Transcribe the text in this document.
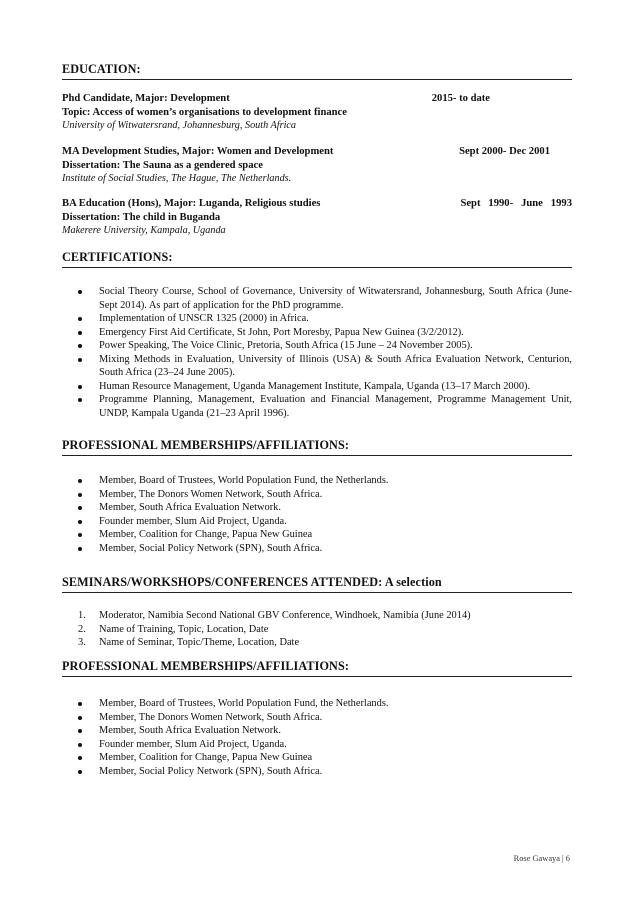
EDUCATION:
Phd Candidate, Major: Development	2015- to date
Topic: Access of women’s organisations to development finance
University of Witwatersrand, Johannesburg, South Africa
MA Development Studies, Major: Women and Development	Sept 2000- Dec 2001
Dissertation: The Sauna as a gendered space
Institute of Social Studies, The Hague, The Netherlands.
BA Education (Hons), Major: Luganda, Religious studies	Sept   1990-   June   1993
Dissertation: The child in Buganda
Makerere University, Kampala, Uganda
CERTIFICATIONS:
Social Theory Course, School of Governance, University of Witwatersrand, Johannesburg, South Africa (June-Sept 2014). As part of application for the PhD programme.
Implementation of UNSCR 1325 (2000) in Africa.
Emergency First Aid Certificate, St John, Port Moresby, Papua New Guinea (3/2/2012).
Power Speaking, The Voice Clinic, Pretoria, South Africa (15 June – 24 November 2005).
Mixing Methods in Evaluation, University of Illinois (USA) & South Africa Evaluation Network, Centurion, South Africa (23–24 June 2005).
Human Resource Management, Uganda Management Institute, Kampala, Uganda (13–17 March 2000).
Programme Planning, Management, Evaluation and Financial Management, Programme Management Unit, UNDP, Kampala Uganda (21–23 April 1996).
PROFESSIONAL MEMBERSHIPS/AFFILIATIONS:
Member, Board of Trustees, World Population Fund, the Netherlands.
Member, The Donors Women Network, South Africa.
Member, South Africa Evaluation Network.
Founder member, Slum Aid Project, Uganda.
Member, Coalition for Change, Papua New Guinea
Member, Social Policy Network (SPN), South Africa.
SEMINARS/WORKSHOPS/CONFERENCES ATTENDED: A selection
1. Moderator, Namibia Second National GBV Conference, Windhoek, Namibia (June 2014)
2. Name of Training, Topic, Location, Date
3. Name of Seminar, Topic/Theme, Location, Date
PROFESSIONAL MEMBERSHIPS/AFFILIATIONS:
Member, Board of Trustees, World Population Fund, the Netherlands.
Member, The Donors Women Network, South Africa.
Member, South Africa Evaluation Network.
Founder member, Slum Aid Project, Uganda.
Member, Coalition for Change, Papua New Guinea
Member, Social Policy Network (SPN), South Africa.
Rose Gawaya | 6
